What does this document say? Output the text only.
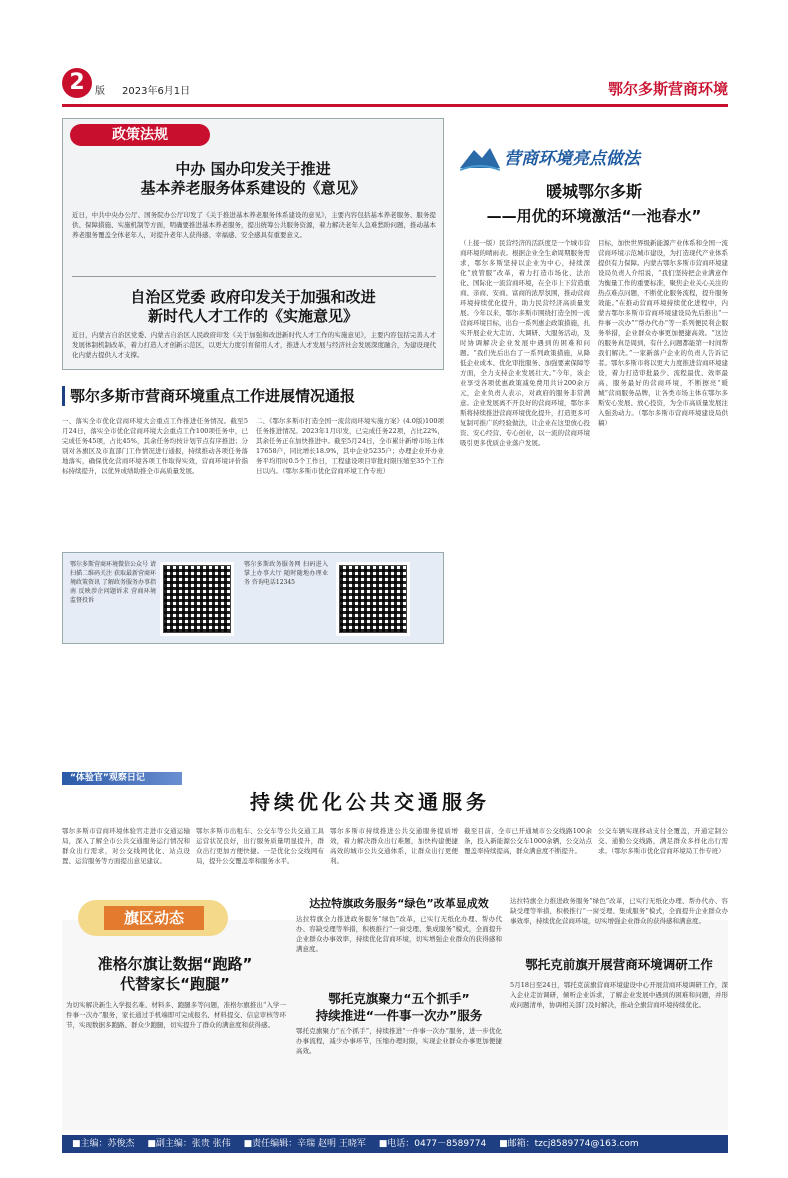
2	版 2023年6月1日	鄂尔多斯营商环境
政策法规
中办 国办印发关于推进
基本养老服务体系建设的《意见》
近日，中共中央办公厅、国务院办公厅印发了《关于推进基本养老服务体系建设的意见》，主要内容包括基本养老服务、服务提供、保障措施、实施机制等方面，明确要推进基本养老服务，提出统筹公共服务资源，着力解决老年人急难愁盼问题，推动基本养老服务覆盖全体老年人，对提升老年人获得感、幸福感、安全感具有重要意义。
自治区党委 政府印发关于加强和改进
新时代人才工作的《实施意见》
近日，内蒙古自治区党委、内蒙古自治区人民政府印发《关于加强和改进新时代人才工作的实施意见》，主要内容包括完善人才发展体制机制改革，着力打造人才创新示范区，以更大力度引育留用人才，推进人才发展与经济社会发展深度融合，为建设现代化内蒙古提供人才支撑。
鄂尔多斯市营商环境重点工作进展情况通报
一、落实全市优化营商环境大会重点工作推进任务情况。截至5月24日，落实全市优化营商环境大会重点工作100项任务中，已完成任务45项，占比45%，其余任务均按计划节点有序推进；分别对各旗区及市直部门工作情况进行通报，持续推动各项任务落地落实，确保优化营商环境各项工作取得实效，营商环境评价指标持续提升，以优异成绩助推全市高质量发展。
二、《鄂尔多斯市打造全国一流营商环境实施方案》(4.0版)100项任务推进情况。2023年1月印发，已完成任务22项，占比22%，其余任务正在加快推进中。截至5月24日，全市累计新增市场主体17658户，同比增长18.9%，其中企业5235户；办理企业开办业务平均用时0.5个工作日，工程建设项目审批时限压缩至35个工作日以内。（鄂尔多斯市优化营商环境工作专班）
鄂尔多斯营商环境微信公众号 请扫描二维码关注 获取最新营商环境政策资讯 了解政务服务办事指南 反映涉企问题诉求 营商环境监督投诉
鄂尔多斯政务服务网 扫码进入掌上办事大厅 随时随地办理业务 咨询电话12345
营商环境亮点做法
暖城鄂尔多斯
——用优的环境激活“一池春水”
（上接一版）民营经济的活跃度是一个城市营商环境的晴雨表。根据企业全生命周期服务需求，鄂尔多斯坚持以企业为中心，持续深化“放管服”改革，着力打造市场化、法治化、国际化一流营商环境，在全市上下营造重商、亲商、安商、富商的浓厚氛围，推动营商环境持续优化提升，助力民营经济高质量发展。今年以来，鄂尔多斯市围绕打造全国一流营商环境目标，出台一系列惠企政策措施，扎实开展企业大走访、大调研、大服务活动，及时协调解决企业发展中遇到的困难和问题。“我们先后出台了一系列政策措施，从降低企业成本、优化审批服务、加强要素保障等方面，全力支持企业发展壮大。”今年，该企业享受各项优惠政策减免费用共计200余万元，企业负责人表示，对政府的服务非常满意。企业发展离不开良好的营商环境，鄂尔多斯将持续推进营商环境优化提升，打造更多可复制可推广的经验做法，让企业在这里放心投资、安心经营、专心创业，以一流的营商环境吸引更多优质企业落户发展。
目标，加快世界级新能源产业体系和全国一流营商环境示范城市建设，为打造现代产业体系提供有力保障。内蒙古鄂尔多斯市营商环境建设局负责人介绍说，“我们坚持把企业满意作为衡量工作的重要标准，聚焦企业关心关注的热点难点问题，不断优化服务流程，提升服务效能。”在推动营商环境持续优化进程中，内蒙古鄂尔多斯市营商环境建设局先后推出“一件事一次办”“帮办代办”等一系列便民利企服务举措，企业群众办事更加便捷高效。“这边的服务真是周到，有什么问题都能第一时间帮我们解决。”一家新落户企业的负责人告诉记者。鄂尔多斯市将以更大力度推进营商环境建设，着力打造审批最少、流程最优、效率最高、服务最好的营商环境，不断擦亮“暖城”营商服务品牌，让各类市场主体在鄂尔多斯安心发展、放心投资，为全市高质量发展注入强劲动力。（鄂尔多斯市营商环境建设局供稿）
“体验官”观察日记
持续优化公共交通服务
鄂尔多斯市营商环境体验官走进市交通运输局，深入了解全市公共交通服务运行情况和群众出行需求，对公交线网优化、站点设置、运营服务等方面提出意见建议。
鄂尔多斯市出租车、公交车等公共交通工具运营状况良好，出行服务质量明显提升，群众出行更加方便快捷。一是优化公交线网布局，提升公交覆盖率和服务水平。
鄂尔多斯市持续推进公共交通服务提质增效，着力解决群众出行难题，加快构建便捷高效的城市公共交通体系，让群众出行更便利。
截至目前，全市已开通城市公交线路100余条，投入新能源公交车1000余辆，公交站点覆盖率持续提高，群众满意度不断提升。
公交车辆实现移动支付全覆盖，开通定制公交、通勤公交线路，满足群众多样化出行需求。（鄂尔多斯市优化营商环境局工作专班）
旗区动态
准格尔旗让数据“跑路”
代替家长“跑腿”
为切实解决新生入学报名难、材料多、跑腿多等问题，准格尔旗推出“入学一件事一次办”服务，家长通过手机端即可完成报名、材料提交、信息审核等环节，实现数据多跑路、群众少跑腿，切实提升了群众的满意度和获得感。
达拉特旗政务服务“绿色”改革显成效
达拉特旗全力推进政务服务“绿色”改革，已实行无纸化办理、帮办代办、容缺受理等举措，积极推行“一窗受理、集成服务”模式，全面提升企业群众办事效率，持续优化营商环境，切实增强企业群众的获得感和满意度。
鄂托克旗聚力“五个抓手”
持续推进“一件事一次办”服务
鄂托克旗聚力“五个抓手”，持续推进“一件事一次办”服务，进一步优化办事流程，减少办事环节，压缩办理时限，实现企业群众办事更加便捷高效。
达拉特旗全力推进政务服务“绿色”改革，已实行无纸化办理、帮办代办、容缺受理等举措，积极推行“一窗受理、集成服务”模式，全面提升企业群众办事效率，持续优化营商环境，切实增强企业群众的获得感和满意度。
鄂托克前旗开展营商环境调研工作
5月18日至24日，鄂托克前旗营商环境建设中心开展营商环境调研工作，深入企业走访调研，倾听企业诉求，了解企业发展中遇到的困难和问题，并形成问题清单，协调相关部门及时解决，推动全旗营商环境持续优化。
■主编：苏俊杰 ■副主编：张贵 张伟 ■责任编辑：辛瑞 赵明 王晓军 ■电话：0477－8589774 ■邮箱：tzcj8589774@163.com
